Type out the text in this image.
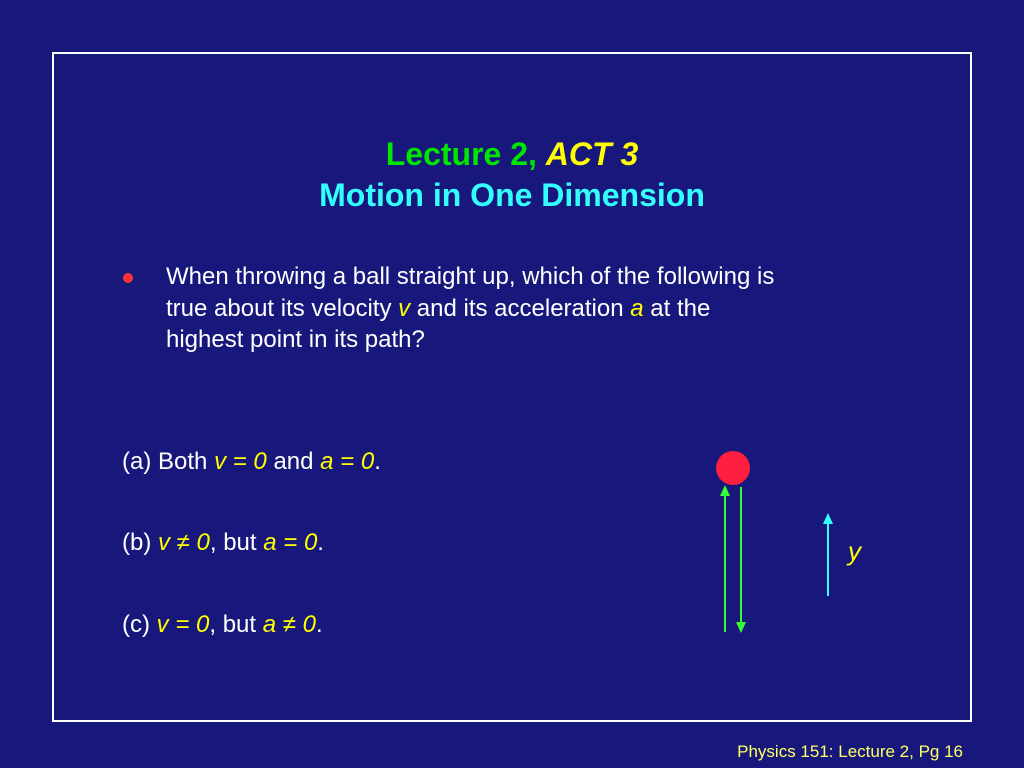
Lecture 2, ACT 3
Motion in One Dimension
When throwing a ball straight up, which of the following is
true about its velocity v and its acceleration a at the
highest point in its path?
(a) Both v = 0 and a = 0.
(b) v ≠ 0, but a = 0.
(c) v = 0, but a ≠ 0.
y
Physics 151: Lecture 2, Pg 16
